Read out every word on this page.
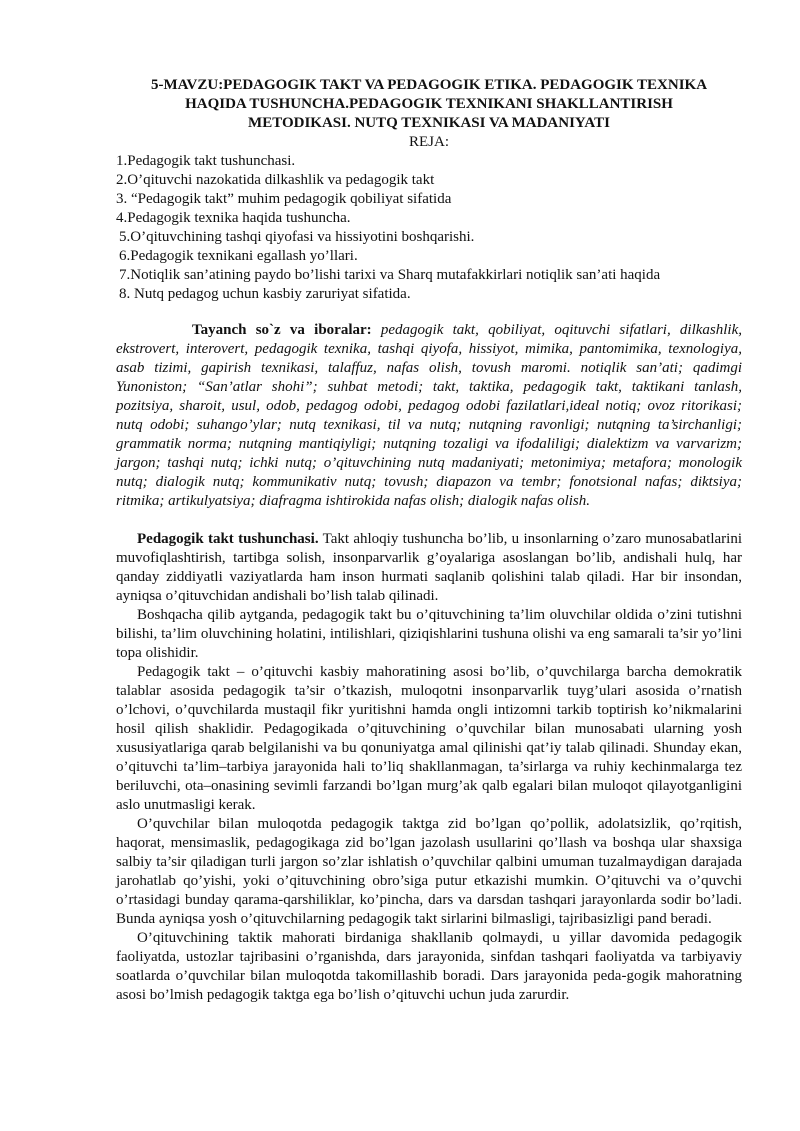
5-MAVZU:PEDAGOGIK TAKT VA PEDAGOGIK ETIKA. PEDAGOGIK TEXNIKA
HAQIDA TUSHUNCHA.PEDAGOGIK TEXNIKANI SHAKLLANTIRISH
METODIKASI. NUTQ TEXNIKASI VA MADANIYATI
REJA:
1.Pedagogik takt tushunchasi.
2.O’qituvchi nazokatida dilkashlik va pedagogik takt
3. “Pedagogik takt” muhim pedagogik qobiliyat sifatida
4.Pedagogik texnika haqida tushuncha.
5.O’qituvchining tashqi qiyofasi va hissiyotini boshqarishi.
6.Pedagogik texnikani egallash yo’llari.
7.Notiqlik san’atining paydo bo’lishi tarixi va Sharq mutafakkirlari notiqlik san’ati haqida
8. Nutq pedagog uchun kasbiy zaruriyat sifatida.
Tayanch so`z va iboralar: pedagogik takt, qobiliyat, oqituvchi sifatlari, dilkashlik, ekstrovert, interovert, pedagogik texnika, tashqi qiyofa, hissiyot, mimika, pantomimika, texnologiya, asab tizimi, gapirish texnikasi, talaffuz, nafas olish, tovush maromi. notiqlik san’ati; qadimgi Yunoniston; “San’atlar shohi”; suhbat metodi; takt, taktika, pedagogik takt, taktikani tanlash, pozitsiya, sharoit, usul, odob, pedagog odobi, pedagog odobi fazilatlari,ideal notiq; ovoz ritorikasi; nutq odobi; suhango’ylar; nutq texnikasi, til va nutq; nutqning ravonligi; nutqning ta’sirchanligi; grammatik norma; nutqning mantiqiyligi; nutqning tozaligi va ifodaliligi; dialektizm va varvarizm; jargon; tashqi nutq; ichki nutq; o’qituvchining nutq madaniyati; metonimiya; metafora; monologik nutq; dialogik nutq; kommunikativ nutq; tovush; diapazon va tembr; fonotsional nafas; diktsiya; ritmika; artikulyatsiya; diafragma ishtirokida nafas olish; dialogik nafas olish.

Pedagogik takt tushunchasi. Takt ahloqiy tushuncha bo’lib, u insonlarning o’zaro munosabatlarini muvofiqlashtirish, tartibga solish, insonparvarlik g’oyalariga asoslangan bo’lib, andishali hulq, har qanday ziddiyatli vaziyatlarda ham inson hurmati saqlanib qolishini talab qiladi. Har bir insondan, ayniqsa o’qituvchidan andishali bo’lish talab qilinadi.

Boshqacha qilib aytganda, pedagogik takt bu o’qituvchining ta’lim oluvchilar oldida o’zini tutishni bilishi, ta’lim oluvchining holatini, intilishlari, qiziqishlarini tushuna olishi va eng samarali ta’sir yo’lini topa olishidir.

Pedagogik takt – o’qituvchi kasbiy mahoratining asosi bo’lib, o’quvchilarga barcha demokratik talablar asosida pedagogik ta’sir o’tkazish, muloqotni insonparvarlik tuyg’ulari asosida o’rnatish o’lchovi, o’quvchilarda mustaqil fikr yuritishni hamda ongli intizomni tarkib toptirish ko’nikmalarini hosil qilish shaklidir. Pedagogikada o’qituvchining o’quvchilar bilan munosabati ularning yosh xususiyatlariga qarab belgilanishi va bu qonuniyatga amal qilinishi qat’iy talab qilinadi. Shunday ekan, o’qituvchi ta’lim–tarbiya jarayonida hali to’liq shakllanmagan, ta’sirlarga va ruhiy kechinmalarga tez beriluvchi, ota–onasining sevimli farzandi bo’lgan murg’ak qalb egalari bilan muloqot qilayotganligini aslo unutmasligi kerak.

O’quvchilar bilan muloqotda pedagogik taktga zid bo’lgan qo’pollik, adolatsizlik, qo’rqitish, haqorat, mensimaslik, pedagogikaga zid bo’lgan jazolash usullarini qo’llash va boshqa ular shaxsiga salbiy ta’sir qiladigan turli jargon so’zlar ishlatish o’quvchilar qalbini umuman tuzalmaydigan darajada jarohatlab qo’yishi, yoki o’qituvchining obro’siga putur etkazishi mumkin. O’qituvchi va o’quvchi o’rtasidagi bunday qarama-qarshiliklar, ko’pincha, dars va darsdan tashqari jarayonlarda sodir bo’ladi. Bunda ayniqsa yosh o’qituvchilarning pedagogik takt sirlarini bilmasligi, tajribasizligi pand beradi.

O’qituvchining taktik mahorati birdaniga shakllanib qolmaydi, u yillar davomida pedagogik faoliyatda, ustozlar tajribasini o’rganishda, dars jarayonida, sinfdan tashqari faoliyatda va tarbiyaviy soatlarda o’quvchilar bilan muloqotda takomillashib boradi. Dars jarayonida peda-gogik mahoratning asosi bo’lmish pedagogik taktga ega bo’lish o’qituvchi uchun juda zarurdir.
